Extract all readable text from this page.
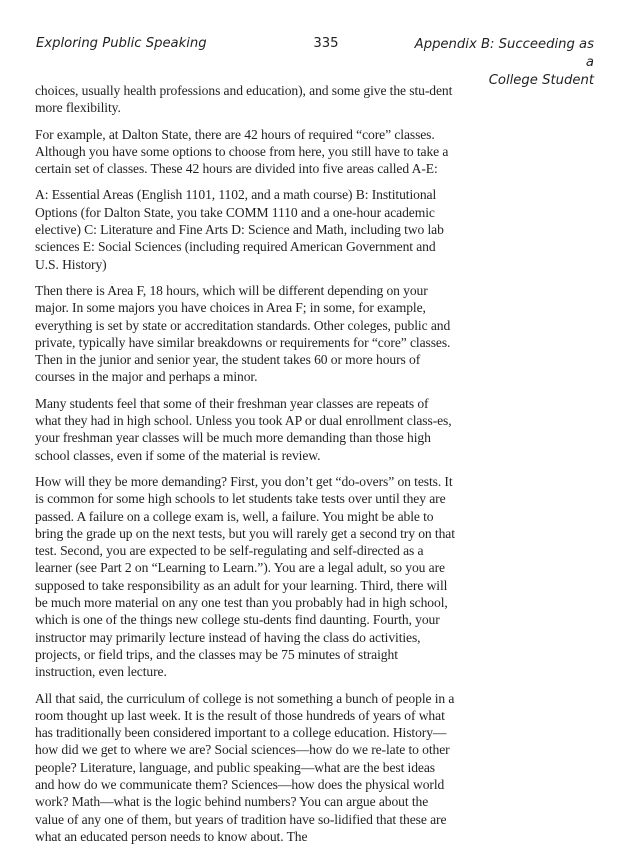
Exploring Public Speaking	335	Appendix B: Succeeding as a
College Student

choices, usually health professions and education), and some give the stu-dent more flexibility.

For example, at Dalton State, there are 42 hours of required “core” classes. Although you have some options to choose from here, you still have to take a certain set of classes. These 42 hours are divided into five areas called A-E:

A: Essential Areas (English 1101, 1102, and a math course) B: Institutional Options (for Dalton State, you take COMM 1110 and a one-hour academic elective) C: Literature and Fine Arts D: Science and Math, including two lab sciences E: Social Sciences (including required American Government and U.S. History)

Then there is Area F, 18 hours, which will be different depending on your major. In some majors you have choices in Area F; in some, for example, everything is set by state or accreditation standards. Other coleges, public and private, typically have similar breakdowns or requirements for “core” classes. Then in the junior and senior year, the student takes 60 or more hours of courses in the major and perhaps a minor.

Many students feel that some of their freshman year classes are repeats of what they had in high school. Unless you took AP or dual enrollment class-es, your freshman year classes will be much more demanding than those high school classes, even if some of the material is review.

How will they be more demanding? First, you don’t get “do-overs” on tests. It is common for some high schools to let students take tests over until they are passed. A failure on a college exam is, well, a failure. You might be able to bring the grade up on the next tests, but you will rarely get a second try on that test. Second, you are expected to be self-regulating and self-directed as a learner (see Part 2 on “Learning to Learn.”). You are a legal adult, so you are supposed to take responsibility as an adult for your learning. Third, there will be much more material on any one test than you probably had in high school, which is one of the things new college stu-dents find daunting. Fourth, your instructor may primarily lecture instead of having the class do activities, projects, or field trips, and the classes may be 75 minutes of straight instruction, even lecture.

All that said, the curriculum of college is not something a bunch of people in a room thought up last week. It is the result of those hundreds of years of what has traditionally been considered important to a college education. History—how did we get to where we are? Social sciences—how do we re-late to other people? Literature, language, and public speaking—what are the best ideas and how do we communicate them? Sciences—how does the physical world work? Math—what is the logic behind numbers? You can argue about the value of any one of them, but years of tradition have so-lidified that these are what an educated person needs to know about. The
